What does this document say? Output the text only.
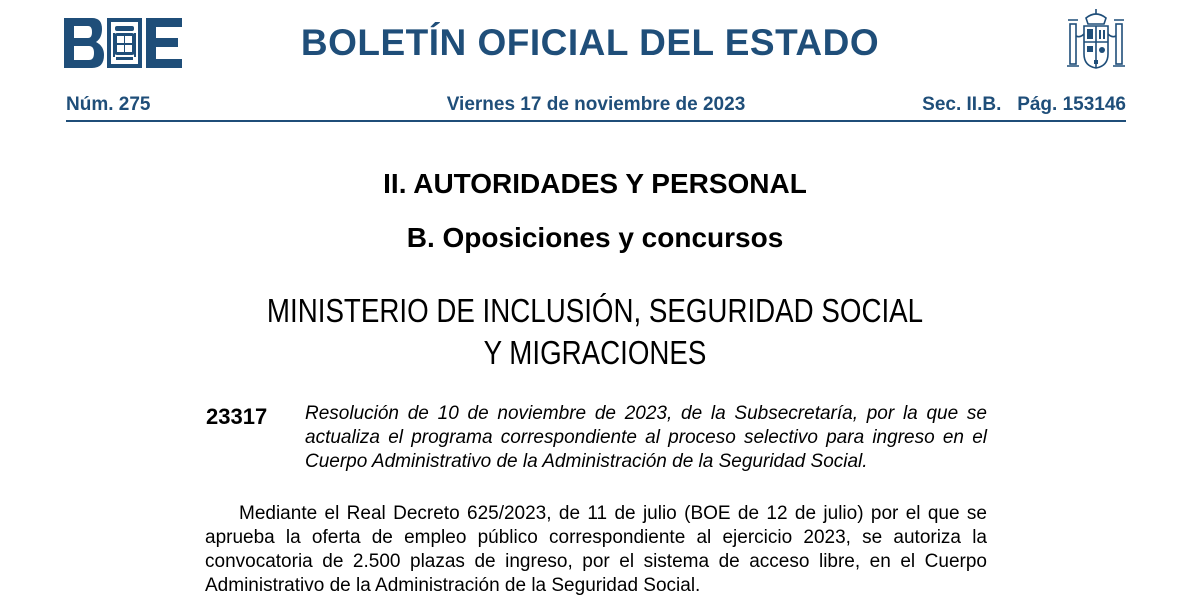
BOLETÍN OFICIAL DEL ESTADO
Núm. 275	Viernes 17 de noviembre de 2023	Sec. II.B.   Pág. 153146
II. AUTORIDADES Y PERSONAL
B. Oposiciones y concursos
MINISTERIO DE INCLUSIÓN, SEGURIDAD SOCIAL
Y MIGRACIONES
23317 Resolución de 10 de noviembre de 2023, de la Subsecretaría, por la que se actualiza el programa correspondiente al proceso selectivo para ingreso en el Cuerpo Administrativo de la Administración de la Seguridad Social.

Mediante el Real Decreto 625/2023, de 11 de julio (BOE de 12 de julio) por el que se aprueba la oferta de empleo público correspondiente al ejercicio 2023, se autoriza la convocatoria de 2.500 plazas de ingreso, por el sistema de acceso libre, en el Cuerpo Administrativo de la Administración de la Seguridad Social.
